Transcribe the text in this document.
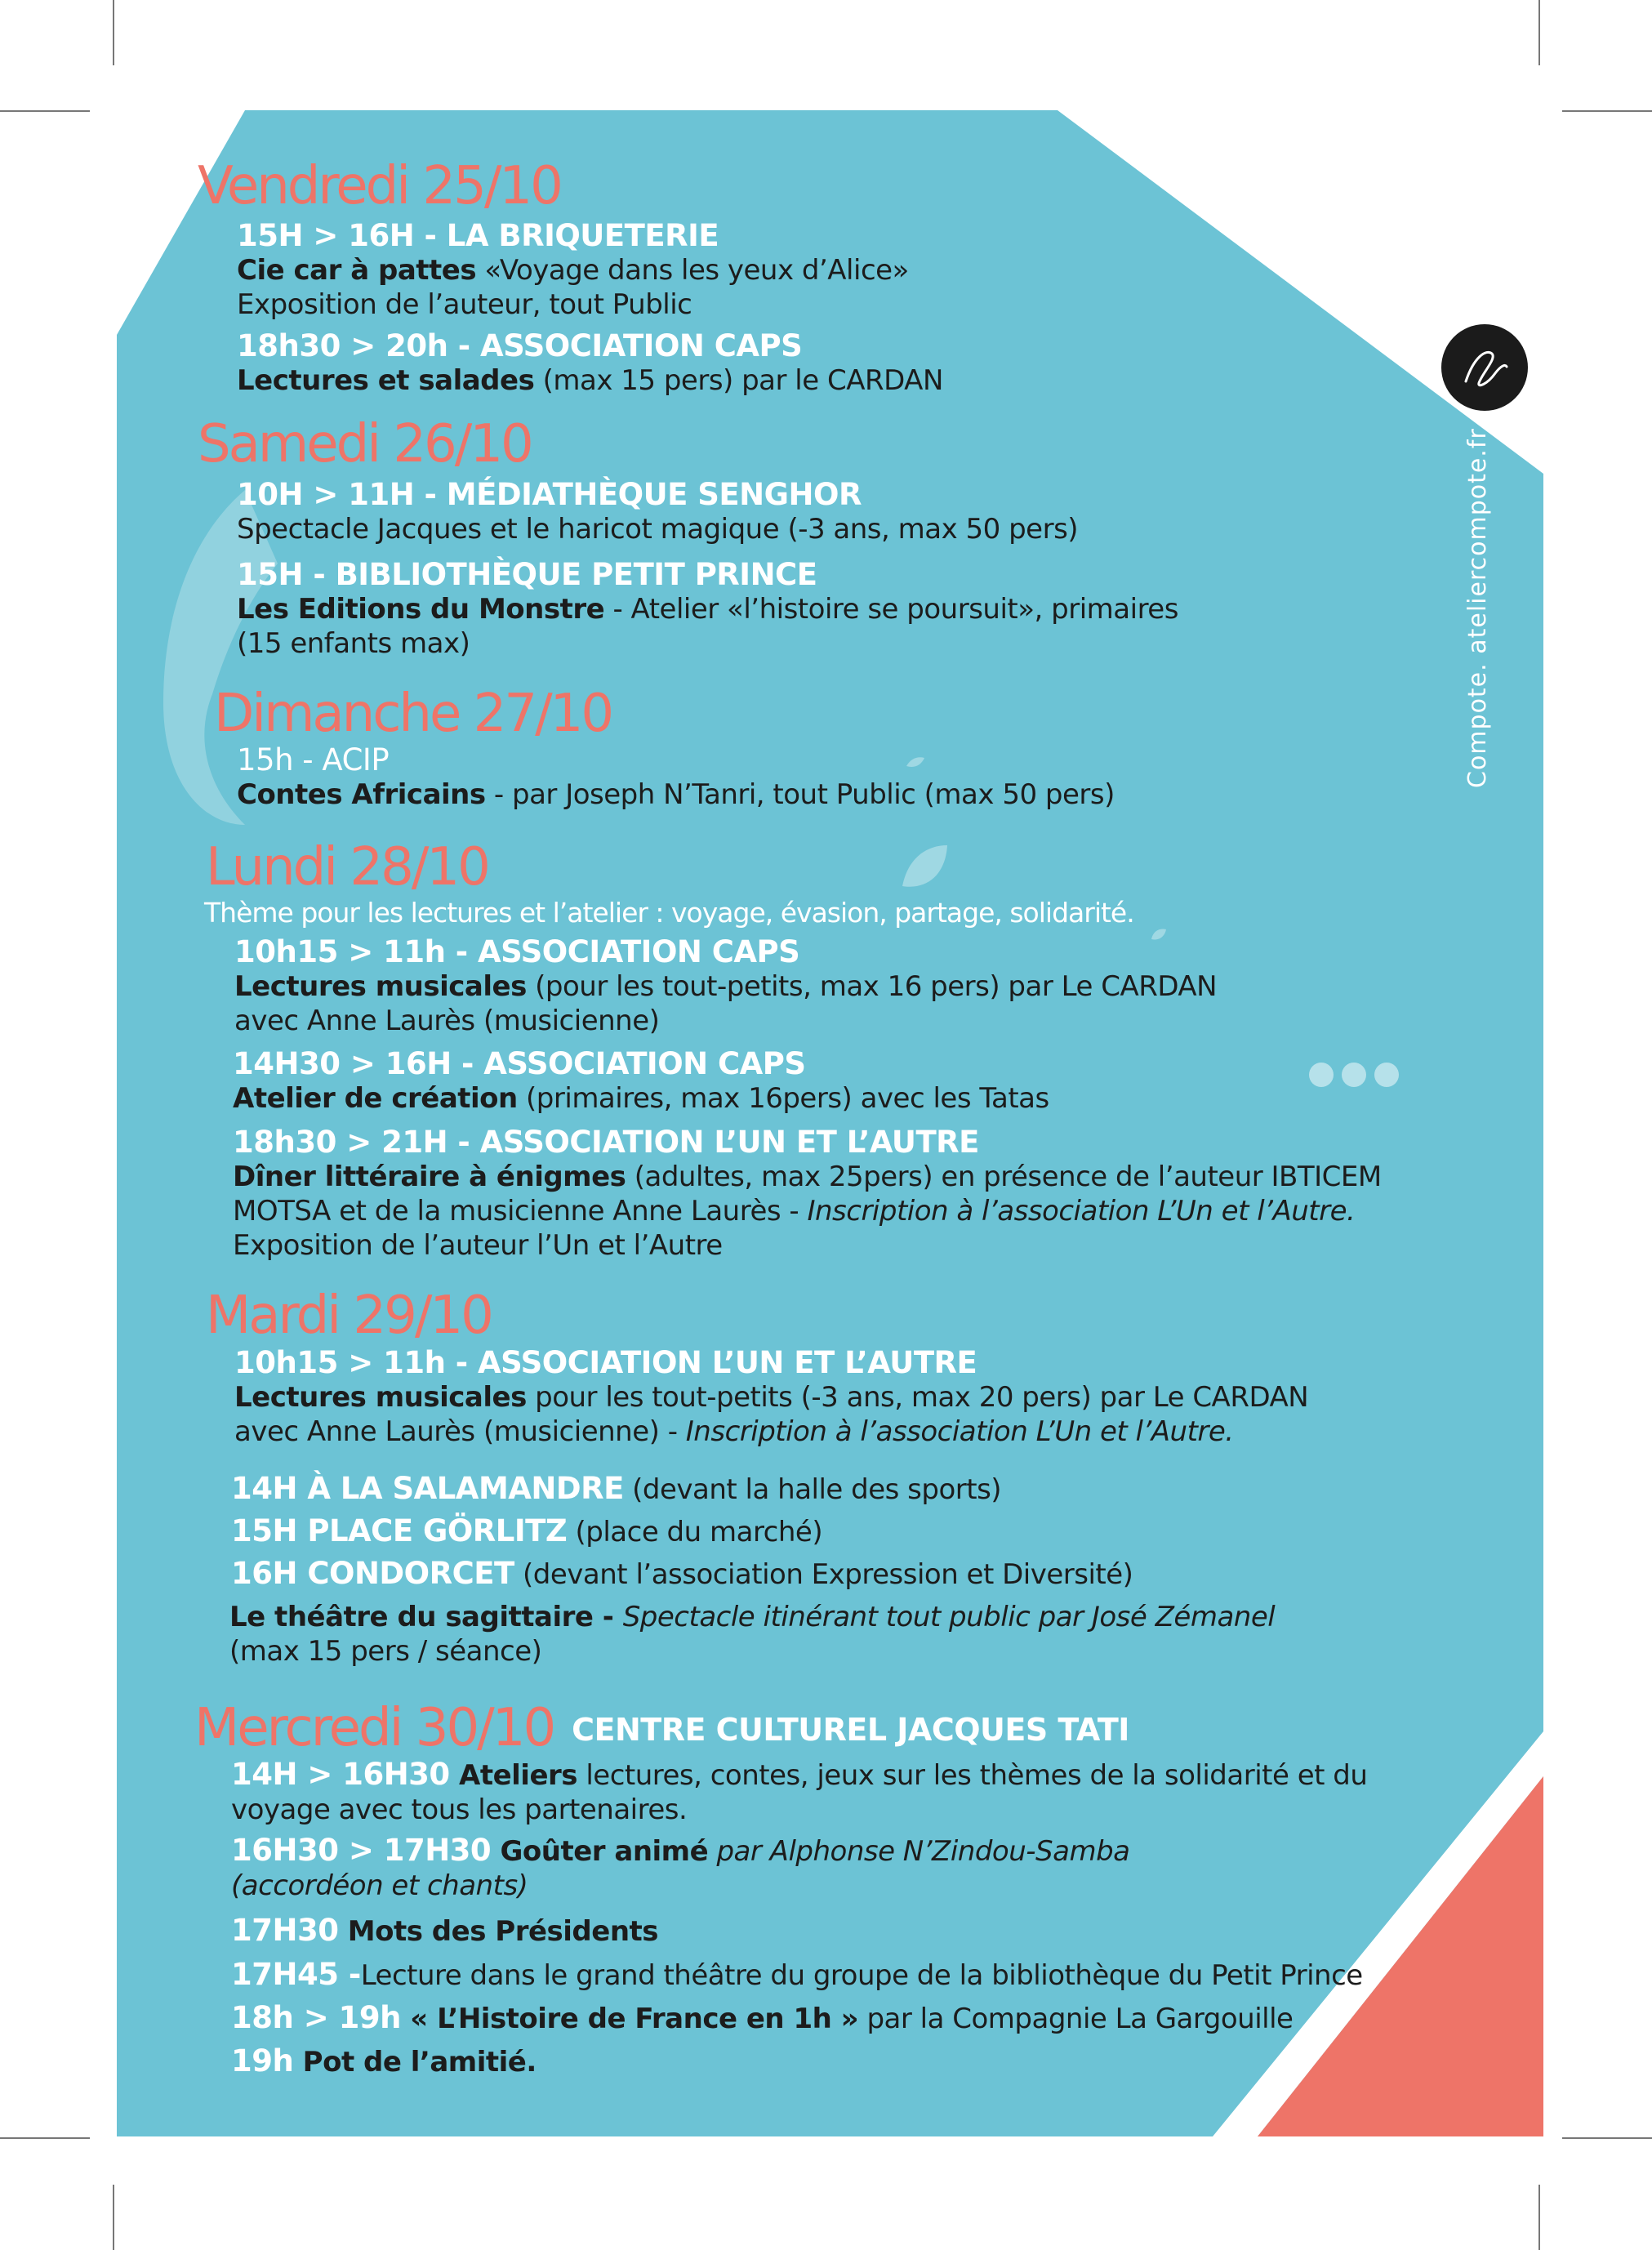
Compote. ateliercompote.fr
Vendredi 25/10
15H > 16H - LA BRIQUETERIE
Cie car à pattes «Voyage dans les yeux d’Alice»
Exposition de l’auteur, tout Public
18h30 > 20h - ASSOCIATION CAPS
Lectures et salades (max 15 pers) par le CARDAN
Samedi 26/10
10H > 11H - MÉDIATHÈQUE SENGHOR
Spectacle Jacques et le haricot magique (-3 ans, max 50 pers)
15H - BIBLIOTHÈQUE PETIT PRINCE
Les Editions du Monstre - Atelier «l’histoire se poursuit», primaires
(15 enfants max)
Dimanche 27/10
15h - ACIP
Contes Africains - par Joseph N’Tanri, tout Public (max 50 pers)
Lundi 28/10
Thème pour les lectures et l’atelier : voyage, évasion, partage, solidarité.
10h15 > 11h - ASSOCIATION CAPS
Lectures musicales (pour les tout-petits, max 16 pers) par Le CARDAN
avec Anne Laurès (musicienne)
14H30 > 16H - ASSOCIATION CAPS
Atelier de création (primaires, max 16pers) avec les Tatas
18h30 > 21H - ASSOCIATION L’UN ET L’AUTRE
Dîner littéraire à énigmes (adultes, max 25pers) en présence de l’auteur IBTICEM
MOTSA et de la musicienne Anne Laurès - Inscription à l’association L’Un et l’Autre.
Exposition de l’auteur l’Un et l’Autre
Mardi 29/10
10h15 > 11h - ASSOCIATION L’UN ET L’AUTRE
Lectures musicales pour les tout-petits (-3 ans, max 20 pers) par Le CARDAN
avec Anne Laurès (musicienne) - Inscription à l’association L’Un et l’Autre.
14H À LA SALAMANDRE (devant la halle des sports)
15H PLACE GÖRLITZ (place du marché)
16H CONDORCET (devant l’association Expression et Diversité)
Le théâtre du sagittaire - Spectacle itinérant tout public par José Zémanel
(max 15 pers / séance)
Mercredi 30/10 CENTRE CULTUREL JACQUES TATI
14H > 16H30 Ateliers lectures, contes, jeux sur les thèmes de la solidarité et du
voyage avec tous les partenaires.
16H30 > 17H30 Goûter animé par Alphonse N’Zindou-Samba
(accordéon et chants)
17H30 Mots des Présidents
17H45 -Lecture dans le grand théâtre du groupe de la bibliothèque du Petit Prince
18h > 19h « L’Histoire de France en 1h » par la Compagnie La Gargouille
19h Pot de l’amitié.
